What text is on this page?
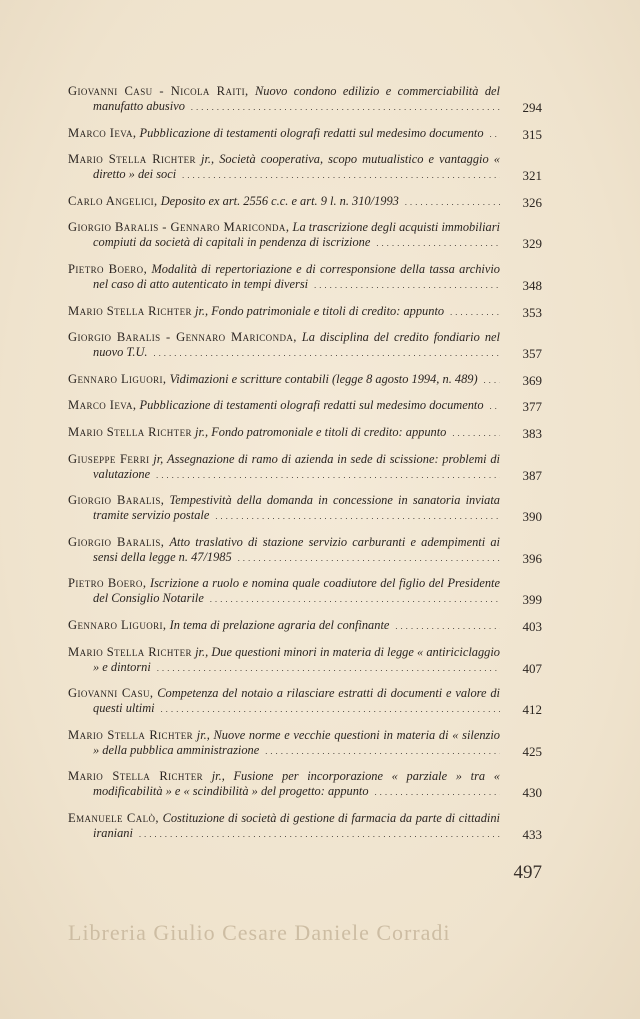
Giovanni Casu - Nicola Raiti, Nuovo condono edilizio e commerciabilità del manufatto abusivo	294
Marco Ieva, Pubblicazione di testamenti olografi redatti sul medesimo documento	315
Mario Stella Richter jr., Società cooperativa, scopo mutualistico e vantaggio « diretto » dei soci	321
Carlo Angelici, Deposito ex art. 2556 c.c. e art. 9 l. n. 310/1993	326
Giorgio Baralis - Gennaro Mariconda, La trascrizione degli acquisti immobiliari compiuti da società di capitali in pendenza di iscrizione	329
Pietro Boero, Modalità di repertoriazione e di corresponsione della tassa archivio nel caso di atto autenticato in tempi diversi	348
Mario Stella Richter jr., Fondo patrimoniale e titoli di credito: appunto	353
Giorgio Baralis - Gennaro Mariconda, La disciplina del credito fondiario nel nuovo T.U.	357
Gennaro Liguori, Vidimazioni e scritture contabili (legge 8 agosto 1994, n. 489)	369
Marco Ieva, Pubblicazione di testamenti olografi redatti sul medesimo documento	377
Mario Stella Richter jr., Fondo patromoniale e titoli di credito: appunto	383
Giuseppe Ferri jr, Assegnazione di ramo di azienda in sede di scissione: problemi di valutazione	387
Giorgio Baralis, Tempestività della domanda in concessione in sanatoria inviata tramite servizio postale	390
Giorgio Baralis, Atto traslativo di stazione servizio carburanti e adempimenti ai sensi della legge n. 47/1985	396
Pietro Boero, Iscrizione a ruolo e nomina quale coadiutore del figlio del Presidente del Consiglio Notarile	399
Gennaro Liguori, In tema di prelazione agraria del confinante	403
Mario Stella Richter jr., Due questioni minori in materia di legge « antiriciclaggio » e dintorni	407
Giovanni Casu, Competenza del notaio a rilasciare estratti di documenti e valore di questi ultimi	412
Mario Stella Richter jr., Nuove norme e vecchie questioni in materia di « silenzio » della pubblica amministrazione	425
Mario Stella Richter jr., Fusione per incorporazione « parziale » tra « modificabilità » e « scindibilità » del progetto: appunto	430
Emanuele Calò, Costituzione di società di gestione di farmacia da parte di cittadini iraniani	433
497
Libreria Giulio Cesare Daniele Corradi
